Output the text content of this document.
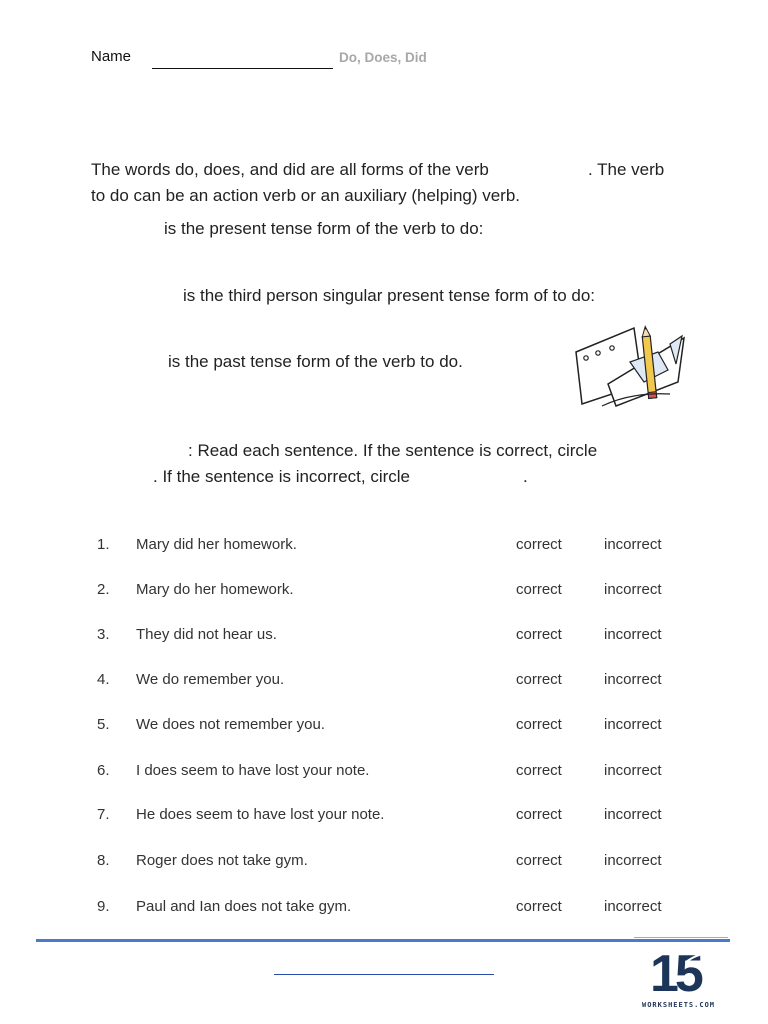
Name	Do, Does, Did
The words do, does, and did are all forms of the verb	. The verb
to do can be an action verb or an auxiliary (helping) verb.
is the present tense form of the verb to do:
is the third person singular present tense form of to do:
is the past tense form of the verb to do.
: Read each sentence. If the sentence is correct, circle
. If the sentence is incorrect, circle	.
1. Mary did her homework.	correct	incorrect
2. Mary do her homework.	correct	incorrect
3. They did not hear us.	correct	incorrect
4. We do remember you.	correct	incorrect
5. We does not remember you.	correct	incorrect
6. I does seem to have lost your note.	correct	incorrect
7. He does seem to have lost your note.	correct	incorrect
8. Roger does not take gym.	correct	incorrect
9. Paul and Ian does not take gym.	correct	incorrect
15
WORKSHEETS.COM
